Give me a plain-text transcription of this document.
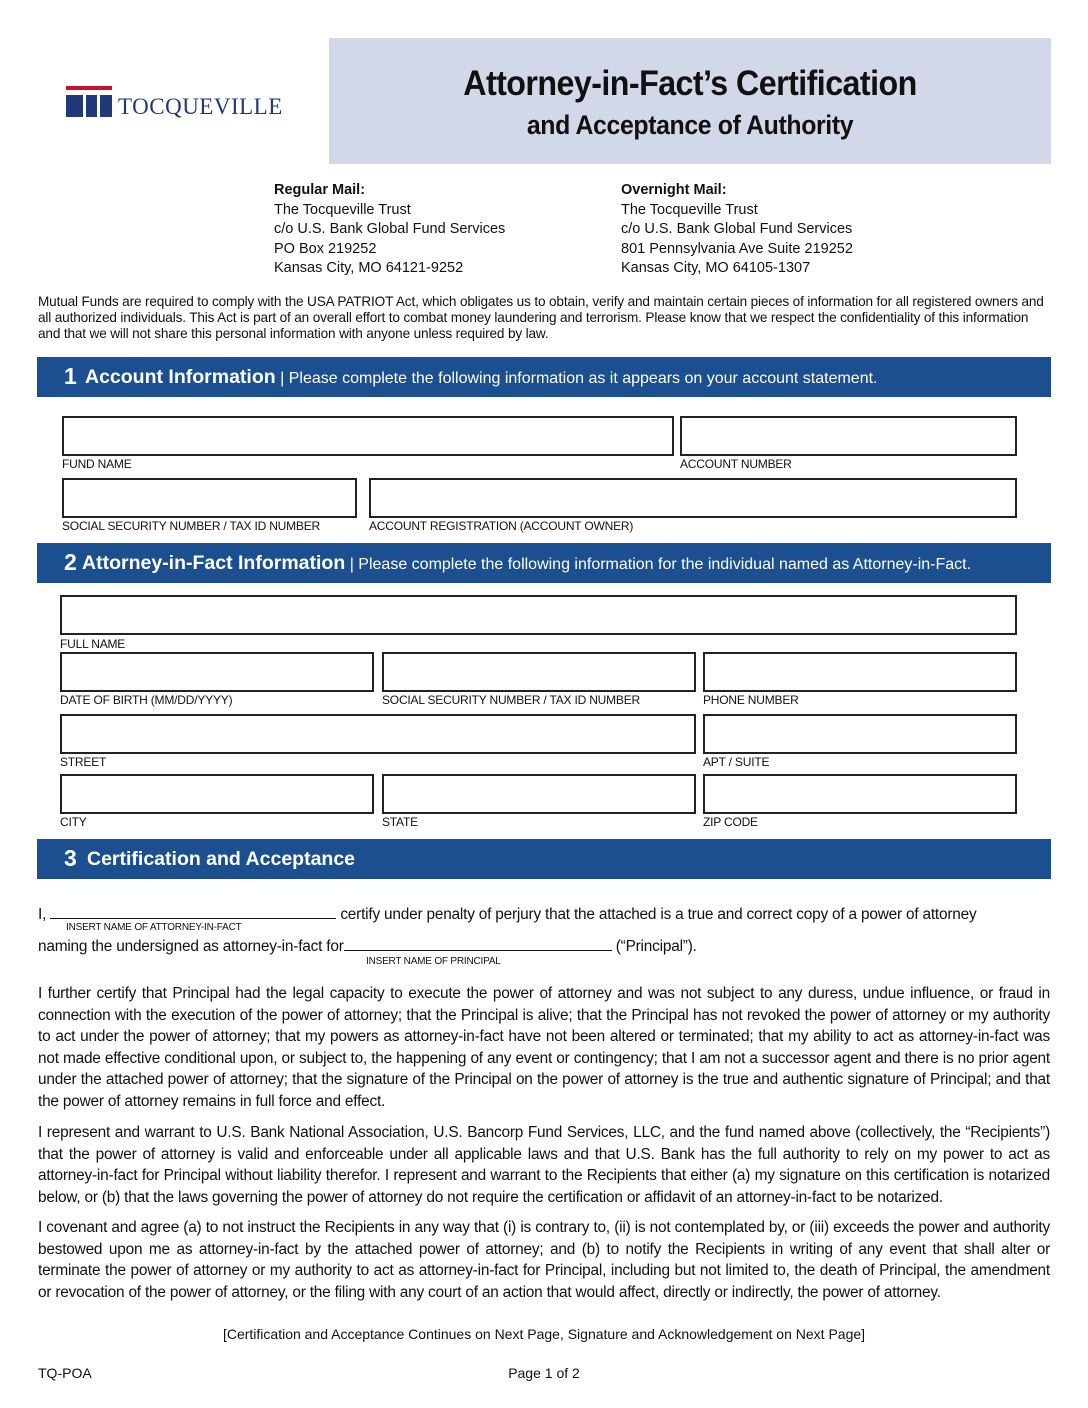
TOCQUEVILLE
Attorney-in-Fact’s Certification
and Acceptance of Authority
Regular Mail:
The Tocqueville Trust
c/o U.S. Bank Global Fund Services
PO Box 219252
Kansas City, MO 64121-9252
Overnight Mail:
The Tocqueville Trust
c/o U.S. Bank Global Fund Services
801 Pennsylvania Ave Suite 219252
Kansas City, MO 64105-1307
Mutual Funds are required to comply with the USA PATRIOT Act, which obligates us to obtain, verify and maintain certain pieces of information for all registered owners and all authorized individuals. This Act is part of an overall effort to combat money laundering and terrorism. Please know that we respect the confidentiality of this information and that we will not share this personal information with anyone unless required by law.
1 Account Information | Please complete the following information as it appears on your account statement.
FUND NAME	ACCOUNT NUMBER
SOCIAL SECURITY NUMBER / TAX ID NUMBER	ACCOUNT REGISTRATION (ACCOUNT OWNER)
2 Attorney-in-Fact Information | Please complete the following information for the individual named as Attorney-in-Fact.
FULL NAME
DATE OF BIRTH (MM/DD/YYYY)	SOCIAL SECURITY NUMBER / TAX ID NUMBER	PHONE NUMBER
STREET	APT / SUITE
CITY	STATE	ZIP CODE
3 Certification and Acceptance
I,	certify under penalty of perjury that the attached is a true and correct copy of a power of attorney
INSERT NAME OF ATTORNEY-IN-FACT
naming the undersigned as attorney-in-fact for	(“Principal”).
INSERT NAME OF PRINCIPAL
I further certify that Principal had the legal capacity to execute the power of attorney and was not subject to any duress, undue influence, or fraud in connection with the execution of the power of attorney; that the Principal is alive; that the Principal has not revoked the power of attorney or my authority to act under the power of attorney; that my powers as attorney-in-fact have not been altered or terminated; that my ability to act as attorney-in-fact was not made effective conditional upon, or subject to, the happening of any event or contingency; that I am not a successor agent and there is no prior agent under the attached power of attorney; that the signature of the Principal on the power of attorney is the true and authentic signature of Principal; and that the power of attorney remains in full force and effect.
I represent and warrant to U.S. Bank National Association, U.S. Bancorp Fund Services, LLC, and the fund named above (collectively, the “Recipients”) that the power of attorney is valid and enforceable under all applicable laws and that U.S. Bank has the full authority to rely on my power to act as attorney-in-fact for Principal without liability therefor. I represent and warrant to the Recipients that either (a) my signature on this certification is notarized below, or (b) that the laws governing the power of attorney do not require the certification or affidavit of an attorney-in-fact to be notarized.
I covenant and agree (a) to not instruct the Recipients in any way that (i) is contrary to, (ii) is not contemplated by, or (iii) exceeds the power and authority bestowed upon me as attorney-in-fact by the attached power of attorney; and (b) to notify the Recipients in writing of any event that shall alter or terminate the power of attorney or my authority to act as attorney-in-fact for Principal, including but not limited to, the death of Principal, the amendment or revocation of the power of attorney, or the filing with any court of an action that would affect, directly or indirectly, the power of attorney.
[Certification and Acceptance Continues on Next Page, Signature and Acknowledgement on Next Page]
TQ-POA	Page 1 of 2
